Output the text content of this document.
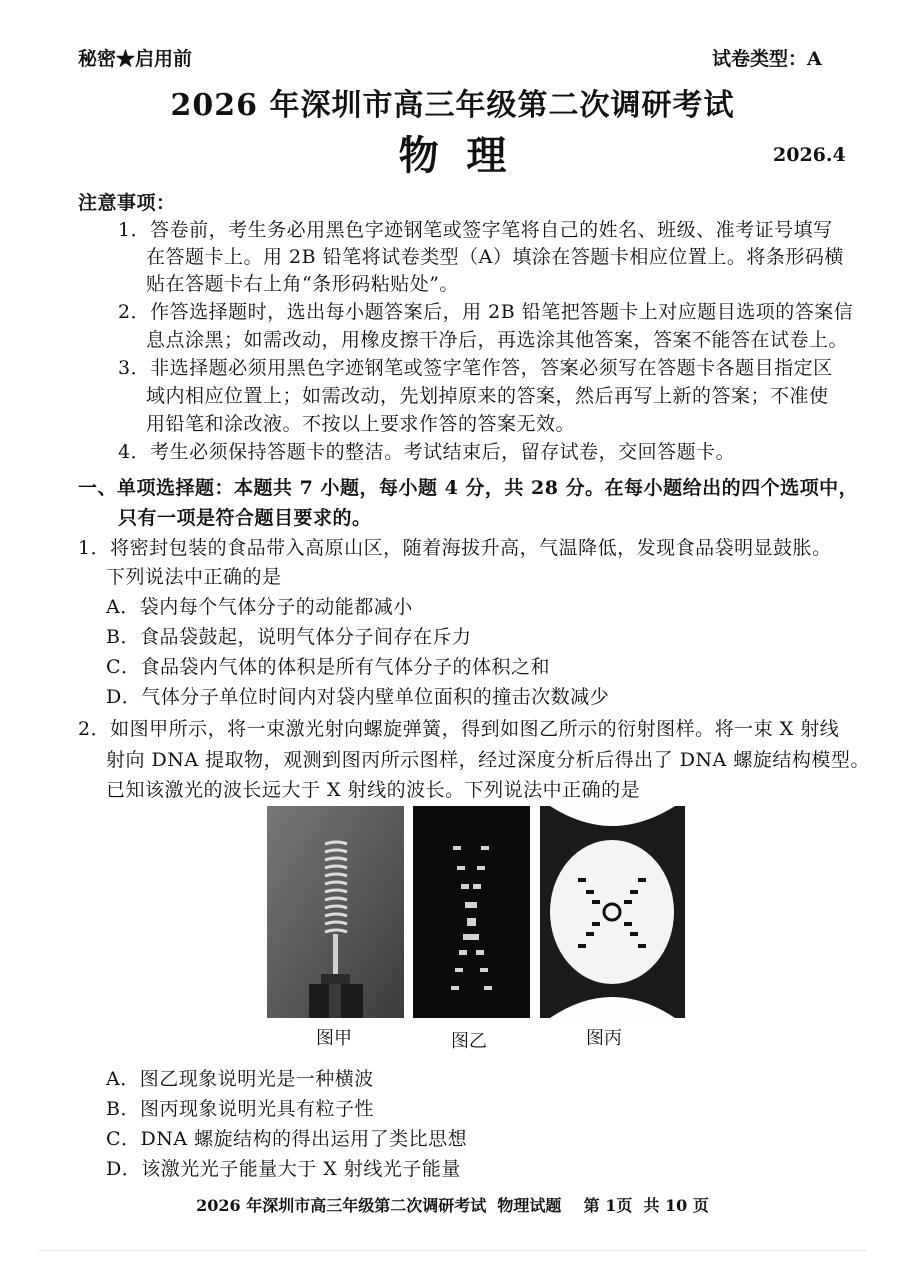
秘密★启用前	试卷类型：A
2026 年深圳市高三年级第二次调研考试
物  理	2026.4
注意事项：
1．答卷前，考生务必用黑色字迹钢笔或签字笔将自己的姓名、班级、准考证号填写
在答题卡上。用 2B 铅笔将试卷类型（A）填涂在答题卡相应位置上。将条形码横
贴在答题卡右上角“条形码粘贴处”。
2．作答选择题时，选出每小题答案后，用 2B 铅笔把答题卡上对应题目选项的答案信
息点涂黑；如需改动，用橡皮擦干净后，再选涂其他答案，答案不能答在试卷上。
3．非选择题必须用黑色字迹钢笔或签字笔作答，答案必须写在答题卡各题目指定区
域内相应位置上；如需改动，先划掉原来的答案，然后再写上新的答案；不准使
用铅笔和涂改液。不按以上要求作答的答案无效。
4．考生必须保持答题卡的整洁。考试结束后，留存试卷，交回答题卡。
一、单项选择题：本题共 7 小题，每小题 4 分，共 28 分。在每小题给出的四个选项中，
只有一项是符合题目要求的。
1．将密封包装的食品带入高原山区，随着海拔升高，气温降低，发现食品袋明显鼓胀。
下列说法中正确的是
A．袋内每个气体分子的动能都减小
B．食品袋鼓起，说明气体分子间存在斥力
C．食品袋内气体的体积是所有气体分子的体积之和
D．气体分子单位时间内对袋内壁单位面积的撞击次数减少
2．如图甲所示，将一束激光射向螺旋弹簧，得到如图乙所示的衍射图样。将一束 X 射线
射向 DNA 提取物，观测到图丙所示图样，经过深度分析后得出了 DNA 螺旋结构模型。
已知该激光的波长远大于 X 射线的波长。下列说法中正确的是
图甲	图乙	图丙
A．图乙现象说明光是一种横波
B．图丙现象说明光具有粒子性
C．DNA 螺旋结构的得出运用了类比思想
D．该激光光子能量大于 X 射线光子能量
2026 年深圳市高三年级第二次调研考试  物理试题    第 1页  共 10 页
